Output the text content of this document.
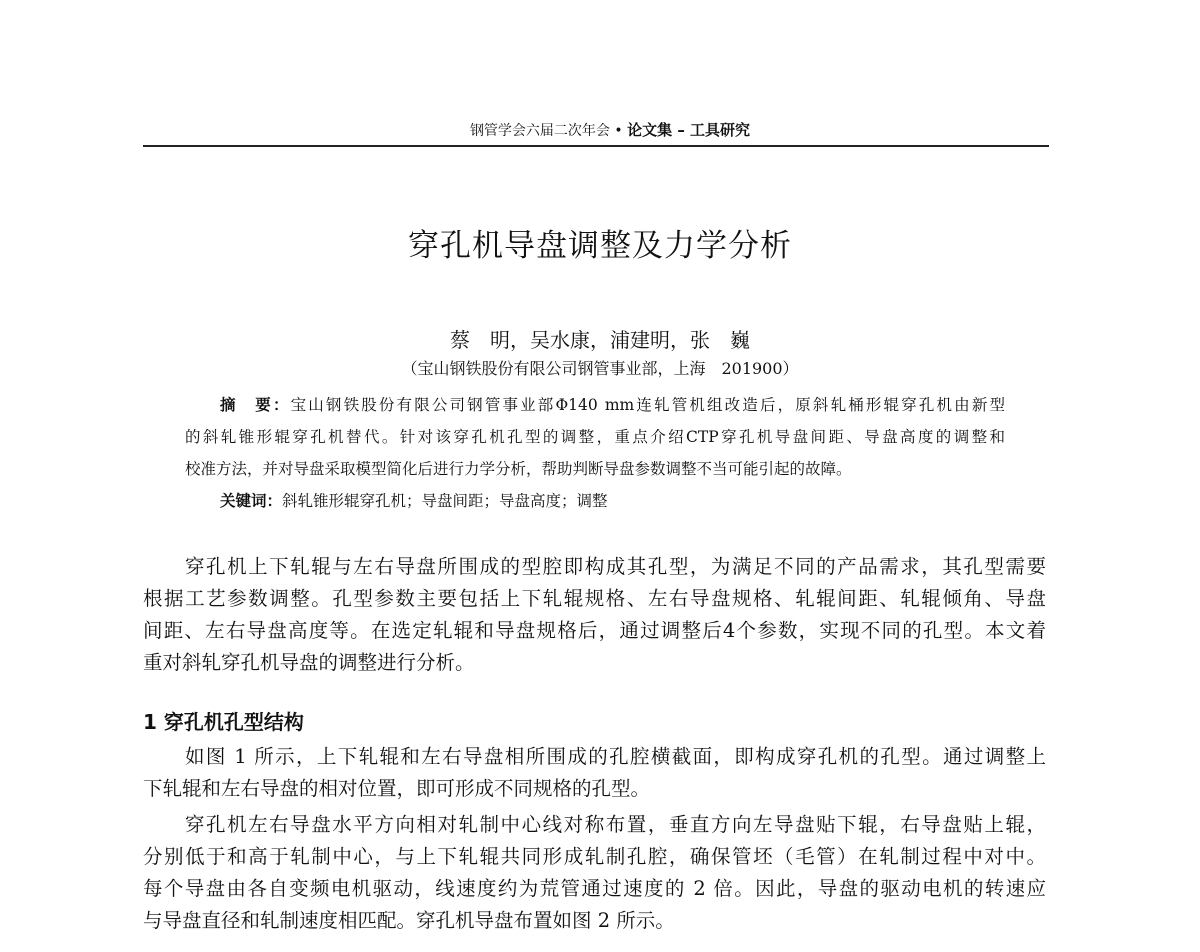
钢管学会六届二次年会 • 论文集 – 工具研究
穿孔机导盘调整及力学分析
蔡　明，吴水康，浦建明，张　巍
（宝山钢铁股份有限公司钢管事业部，上海　201900）
摘　要：宝山钢铁股份有限公司钢管事业部Φ140 mm连轧管机组改造后，原斜轧桶形辊穿孔机由新型
的斜轧锥形辊穿孔机替代。针对该穿孔机孔型的调整，重点介绍CTP穿孔机导盘间距、导盘高度的调整和
校准方法，并对导盘采取模型简化后进行力学分析，帮助判断导盘参数调整不当可能引起的故障。
关键词：斜轧锥形辊穿孔机；导盘间距；导盘高度；调整
穿孔机上下轧辊与左右导盘所围成的型腔即构成其孔型，为满足不同的产品需求，其孔型需要
根据工艺参数调整。孔型参数主要包括上下轧辊规格、左右导盘规格、轧辊间距、轧辊倾角、导盘
间距、左右导盘高度等。在选定轧辊和导盘规格后，通过调整后4个参数，实现不同的孔型。本文着
重对斜轧穿孔机导盘的调整进行分析。
1 穿孔机孔型结构
如图 1 所示，上下轧辊和左右导盘相所围成的孔腔横截面，即构成穿孔机的孔型。通过调整上
下轧辊和左右导盘的相对位置，即可形成不同规格的孔型。
穿孔机左右导盘水平方向相对轧制中心线对称布置，垂直方向左导盘贴下辊，右导盘贴上辊，
分别低于和高于轧制中心，与上下轧辊共同形成轧制孔腔，确保管坯（毛管）在轧制过程中对中。
每个导盘由各自变频电机驱动，线速度约为荒管通过速度的 2 倍。因此，导盘的驱动电机的转速应
与导盘直径和轧制速度相匹配。穿孔机导盘布置如图 2 所示。
